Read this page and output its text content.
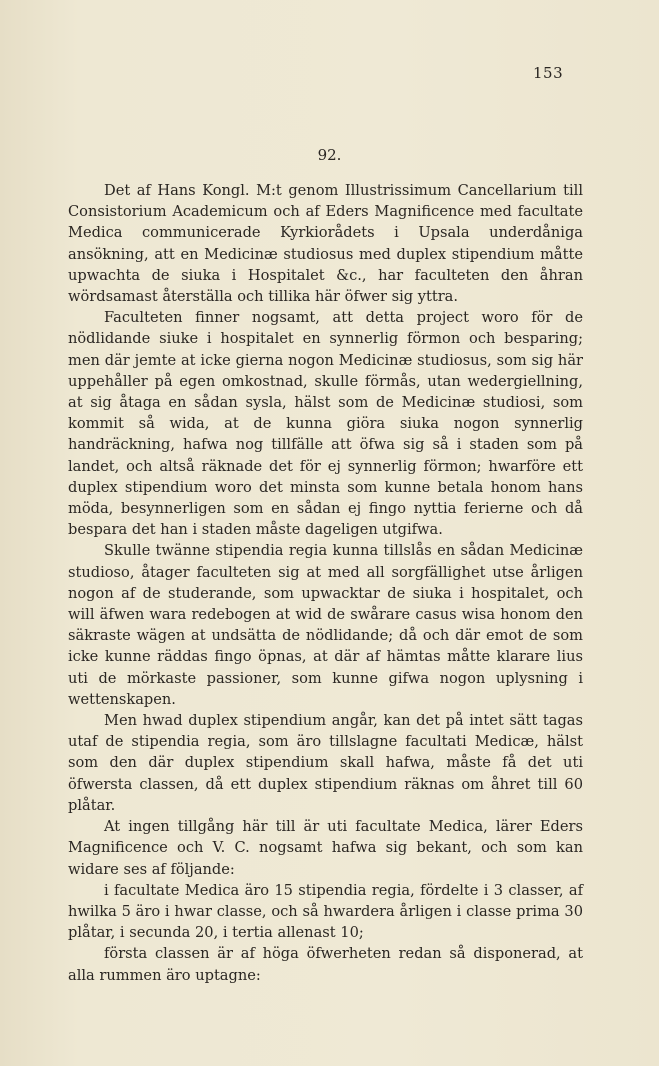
153
92.

Det af Hans Kongl. M:t genom Illustrissimum Cancellarium till Consistorium Academicum och af Eders Magnificence med facultate Medica communicerade Kyrkiorådets i Upsala underdåniga ansökning, att en Medicinæ studiosus med duplex stipendium måtte upwachta de siuka i Hospitalet &c., har faculteten den åhran wördsamast återställa och tillika här öfwer sig yttra.

Faculteten finner nogsamt, att detta project woro för de nödlidande siuke i hospitalet en synnerlig förmon och besparing; men där jemte at icke gierna nogon Medicinæ studiosus, som sig här uppehåller på egen omkostnad, skulle förmås, utan wedergiellning, at sig åtaga en sådan sysla, hälst som de Medicinæ studiosi, som kommit så wida, at de kunna giöra siuka nogon synnerlig handräckning, hafwa nog tillfälle att öfwa sig så i staden som på landet, och altså räknade det för ej synnerlig förmon; hwarföre ett duplex stipendium woro det minsta som kunne betala honom hans möda, besynnerligen som en sådan ej fingo nyttia ferierne och då bespara det han i staden måste dageligen utgifwa.

Skulle twänne stipendia regia kunna tillslås en sådan Medicinæ studioso, åtager faculteten sig at med all sorgfällighet utse årligen nogon af de studerande, som upwacktar de siuka i hospitalet, och will äfwen wara redebogen at wid de swårare casus wisa honom den säkraste wägen at undsätta de nödlidande; då och där emot de som icke kunne räddas fingo öpnas, at där af hämtas måtte klarare lius uti de mörkaste passioner, som kunne gifwa nogon uplysning i wettenskapen.

Men hwad duplex stipendium angår, kan det på intet sätt tagas utaf de stipendia regia, som äro tillslagne facultati Medicæ, hälst som den där duplex stipendium skall hafwa, måste få det uti öfwersta classen, då ett duplex stipendium räknas om åhret till 60 plåtar.

At ingen tillgång här till är uti facultate Medica, lärer Eders Magnificence och V. C. nogsamt hafwa sig bekant, och som kan widare ses af följande:

i facultate Medica äro 15 stipendia regia, fördelte i 3 classer, af hwilka 5 äro i hwar classe, och så hwardera årligen i classe prima 30 plåtar, i secunda 20, i tertia allenast 10;

första classen är af höga öfwerheten redan så disponerad, at alla rummen äro uptagne:
